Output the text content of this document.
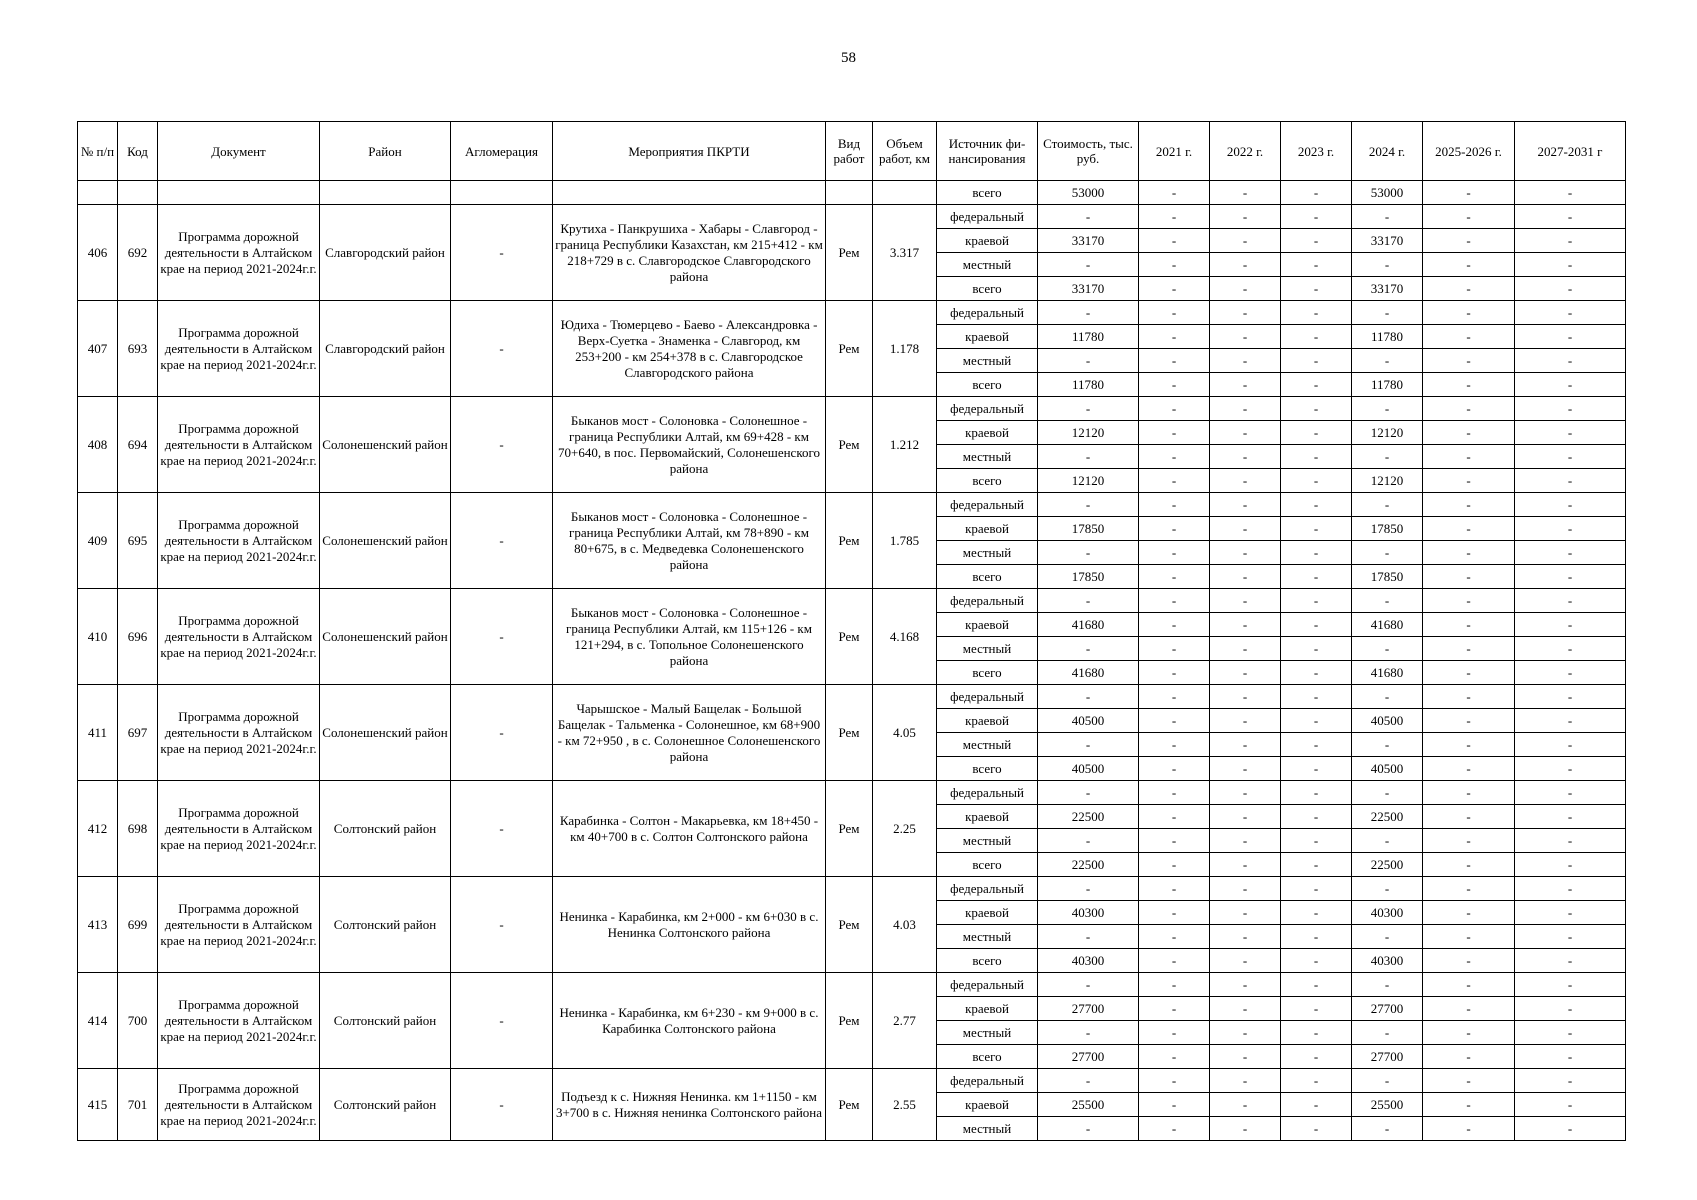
58
№ п/п	Код	Документ	Район	Агломерация	Мероприятия ПКРТИ	Вид работ	Объем работ, км	Источник фи-нансирования	Стоимость, тыс. руб.	2021 г.	2022 г.	2023 г.	2024 г.	2025-2026 г.	2027-2031 г
								всего	53000	-	-	-	53000	-	-
406	692	Программа дорожной деятельности в Алтайском крае на период 2021-2024г.г.	Славгородский район	-	Крутиха - Панкрушиха - Хабары - Славгород - граница Республики Казахстан, км 215+412 - км 218+729 в с. Славгородское Славгородского района	Рем	3.317	федеральный	-	-	-	-	-	-	-
								краевой	33170	-	-	-	33170	-	-
								местный	-	-	-	-	-	-	-
								всего	33170	-	-	-	33170	-	-
407	693	Программа дорожной деятельности в Алтайском крае на период 2021-2024г.г.	Славгородский район	-	Юдиха - Тюмерцево - Баево - Александровка - Верх-Суетка - Знаменка - Славгород, км 253+200 - км 254+378 в с. Славгородское Славгородского района	Рем	1.178	федеральный	-	-	-	-	-	-	-
								краевой	11780	-	-	-	11780	-	-
								местный	-	-	-	-	-	-	-
								всего	11780	-	-	-	11780	-	-
408	694	Программа дорожной деятельности в Алтайском крае на период 2021-2024г.г.	Солонешенский район	-	Быканов мост - Солоновка - Солонешное - граница Республики Алтай, км 69+428 - км 70+640, в пос. Первомайский, Солонешенского района	Рем	1.212	федеральный	-	-	-	-	-	-	-
								краевой	12120	-	-	-	12120	-	-
								местный	-	-	-	-	-	-	-
								всего	12120	-	-	-	12120	-	-
409	695	Программа дорожной деятельности в Алтайском крае на период 2021-2024г.г.	Солонешенский район	-	Быканов мост - Солоновка - Солонешное - граница Республики Алтай, км 78+890 - км 80+675, в с. Медведевка Солонешенского района	Рем	1.785	федеральный	-	-	-	-	-	-	-
								краевой	17850	-	-	-	17850	-	-
								местный	-	-	-	-	-	-	-
								всего	17850	-	-	-	17850	-	-
410	696	Программа дорожной деятельности в Алтайском крае на период 2021-2024г.г.	Солонешенский район	-	Быканов мост - Солоновка - Солонешное - граница Республики Алтай, км 115+126 - км 121+294, в с. Топольное Солонешенского района	Рем	4.168	федеральный	-	-	-	-	-	-	-
								краевой	41680	-	-	-	41680	-	-
								местный	-	-	-	-	-	-	-
								всего	41680	-	-	-	41680	-	-
411	697	Программа дорожной деятельности в Алтайском крае на период 2021-2024г.г.	Солонешенский район	-	Чарышское - Малый Бащелак - Большой Бащелак - Тальменка - Солонешное, км 68+900 - км 72+950 , в с. Солонешное Солонешенского района	Рем	4.05	федеральный	-	-	-	-	-	-	-
								краевой	40500	-	-	-	40500	-	-
								местный	-	-	-	-	-	-	-
								всего	40500	-	-	-	40500	-	-
412	698	Программа дорожной деятельности в Алтайском крае на период 2021-2024г.г.	Солтонский район	-	Карабинка - Солтон - Макарьевка, км 18+450 - км 40+700 в с. Солтон Солтонского района	Рем	2.25	федеральный	-	-	-	-	-	-	-
								краевой	22500	-	-	-	22500	-	-
								местный	-	-	-	-	-	-	-
								всего	22500	-	-	-	22500	-	-
413	699	Программа дорожной деятельности в Алтайском крае на период 2021-2024г.г.	Солтонский район	-	Ненинка - Карабинка, км 2+000 - км 6+030 в с. Ненинка Солтонского района	Рем	4.03	федеральный	-	-	-	-	-	-	-
								краевой	40300	-	-	-	40300	-	-
								местный	-	-	-	-	-	-	-
								всего	40300	-	-	-	40300	-	-
414	700	Программа дорожной деятельности в Алтайском крае на период 2021-2024г.г.	Солтонский район	-	Ненинка - Карабинка, км 6+230 - км 9+000 в с. Карабинка Солтонского района	Рем	2.77	федеральный	-	-	-	-	-	-	-
								краевой	27700	-	-	-	27700	-	-
								местный	-	-	-	-	-	-	-
								всего	27700	-	-	-	27700	-	-
415	701	Программа дорожной деятельности в Алтайском крае на период 2021-2024г.г.	Солтонский район	-	Подъезд к с. Нижняя Ненинка. км 1+1150 - км 3+700 в с. Нижняя ненинка Солтонского района	Рем	2.55	федеральный	-	-	-	-	-	-	-
								краевой	25500	-	-	-	25500	-	-
								местный	-	-	-	-	-	-	-
